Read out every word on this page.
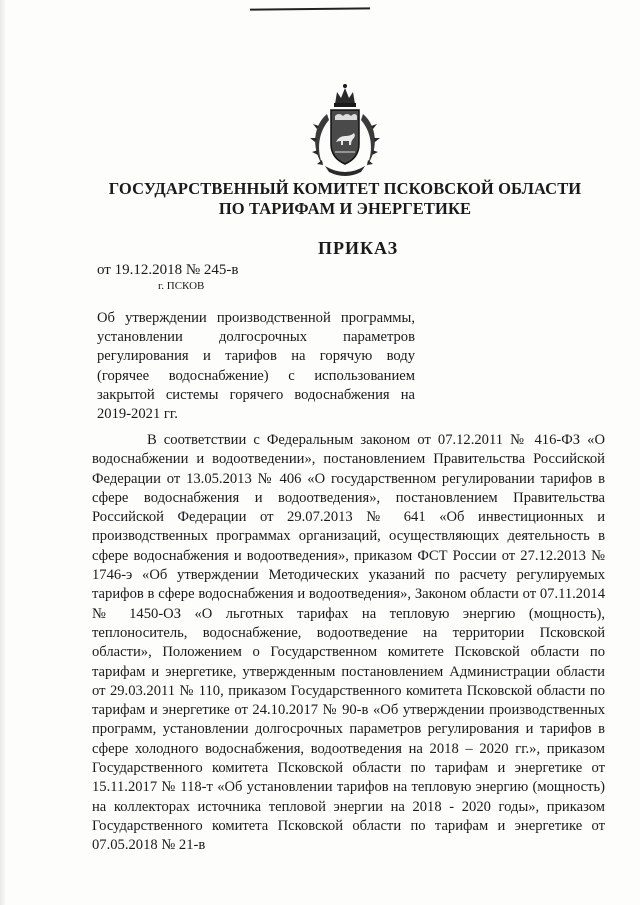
ГОСУДАРСТВЕННЫЙ КОМИТЕТ ПСКОВСКОЙ ОБЛАСТИ
ПО ТАРИФАМ И ЭНЕРГЕТИКЕ
ПРИКАЗ
от 19.12.2018 № 245-в
г. ПСКОВ
Об утверждении производственной программы, установлении долгосрочных параметров регулирования и тарифов на горячую воду (горячее водоснабжение) с использованием закрытой системы горячего водоснабжения на 2019-2021 гг.
В соответствии с Федеральным законом от 07.12.2011 № 416-ФЗ «О водоснабжении и водоотведении», постановлением Правительства Российской Федерации от 13.05.2013 № 406 «О государственном регулировании тарифов в сфере водоснабжения и водоотведения», постановлением Правительства Российской Федерации от 29.07.2013 № 641 «Об инвестиционных и производственных программах организаций, осуществляющих деятельность в сфере водоснабжения и водоотведения», приказом ФСТ России от 27.12.2013 № 1746-э «Об утверждении Методических указаний по расчету регулируемых тарифов в сфере водоснабжения и водоотведения», Законом области от 07.11.2014 № 1450-ОЗ «О льготных тарифах на тепловую энергию (мощность), теплоноситель, водоснабжение, водоотведение на территории Псковской области», Положением о Государственном комитете Псковской области по тарифам и энергетике, утвержденным постановлением Администрации области от 29.03.2011 № 110, приказом Государственного комитета Псковской области по тарифам и энергетике от 24.10.2017 № 90-в «Об утверждении производственных программ, установлении долгосрочных параметров регулирования и тарифов в сфере холодного водоснабжения, водоотведения на 2018 – 2020 гг.», приказом Государственного комитета Псковской области по тарифам и энергетике от 15.11.2017 № 118-т «Об установлении тарифов на тепловую энергию (мощность) на коллекторах источника тепловой энергии на 2018 - 2020 годы», приказом Государственного комитета Псковской области по тарифам и энергетике от 07.05.2018 № 21-в
